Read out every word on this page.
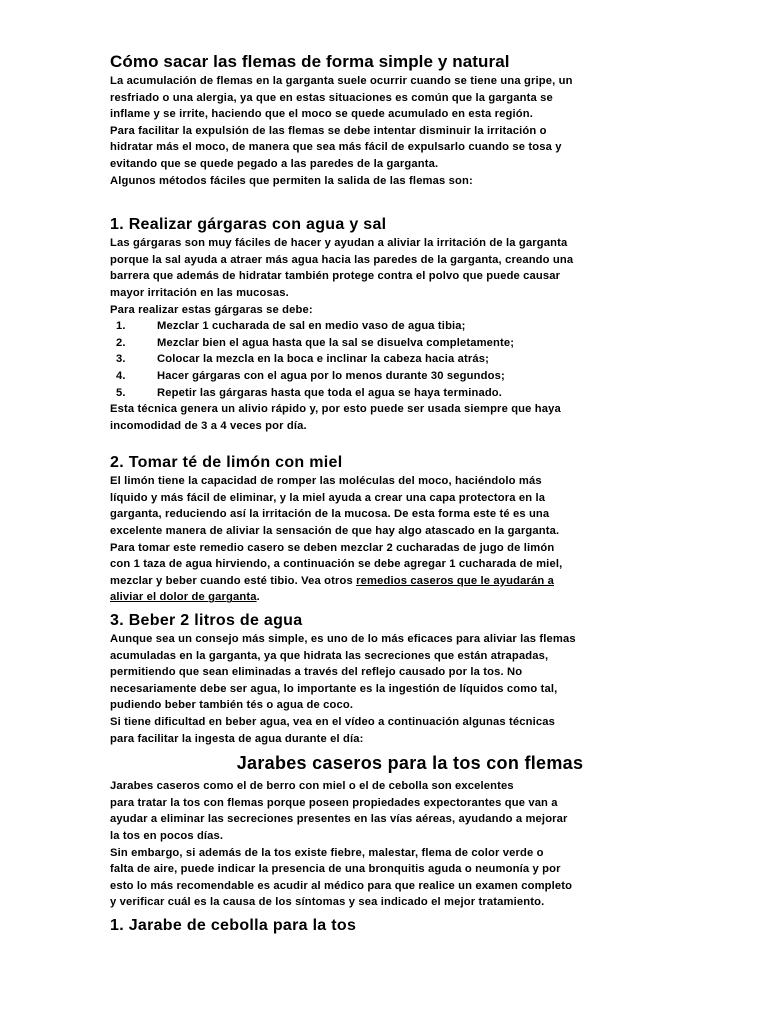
Cómo sacar las flemas de forma simple y natural

La acumulación de flemas en la garganta suele ocurrir cuando se tiene una gripe, un
resfriado o una alergia, ya que en estas situaciones es común que la garganta se
inflame y se irrite, haciendo que el moco se quede acumulado en esta región.
Para facilitar la expulsión de las flemas se debe intentar disminuir la irritación o
hidratar más el moco, de manera que sea más fácil de expulsarlo cuando se tosa y
evitando que se quede pegado a las paredes de la garganta.
Algunos métodos fáciles que permiten la salida de las flemas son:

1. Realizar gárgaras con agua y sal

Las gárgaras son muy fáciles de hacer y ayudan a aliviar la irritación de la garganta
porque la sal ayuda a atraer más agua hacia las paredes de la garganta, creando una
barrera que además de hidratar también protege contra el polvo que puede causar
mayor irritación en las mucosas.
Para realizar estas gárgaras se debe:

1.	Mezclar 1 cucharada de sal en medio vaso de agua tibia;
2.	Mezclar bien el agua hasta que la sal se disuelva completamente;
3.	Colocar la mezcla en la boca e inclinar la cabeza hacia atrás;
4.	Hacer gárgaras con el agua por lo menos durante 30 segundos;
5.	Repetir las gárgaras hasta que toda el agua se haya terminado.

Esta técnica genera un alivio rápido y, por esto puede ser usada siempre que haya
incomodidad de 3 a 4 veces por día.

2. Tomar té de limón con miel

El limón tiene la capacidad de romper las moléculas del moco, haciéndolo más
líquido y más fácil de eliminar, y la miel ayuda a crear una capa protectora en la
garganta, reduciendo así la irritación de la mucosa. De esta forma este té es una
excelente manera de aliviar la sensación de que hay algo atascado en la garganta.
Para tomar este remedio casero se deben mezclar 2 cucharadas de jugo de limón
con 1 taza de agua hirviendo, a continuación se debe agregar 1 cucharada de miel,
mezclar y beber cuando esté tibio. Vea otros remedios caseros que le ayudarán a
aliviar el dolor de garganta.

3. Beber 2 litros de agua

Aunque sea un consejo más simple, es uno de lo más eficaces para aliviar las flemas
acumuladas en la garganta, ya que hidrata las secreciones que están atrapadas,
permitiendo que sean eliminadas a través del reflejo causado por la tos. No
necesariamente debe ser agua, lo importante es la ingestión de líquidos como tal,
pudiendo beber también tés o agua de coco.
Si tiene dificultad en beber agua, vea en el vídeo a continuación algunas técnicas
para facilitar la ingesta de agua durante el día:

Jarabes caseros para la tos con flemas

Jarabes caseros como el de berro con miel o el de cebolla son excelentes
para tratar la tos con flemas porque poseen propiedades expectorantes que van a
ayudar a eliminar las secreciones presentes en las vías aéreas, ayudando a mejorar
la tos en pocos días.
Sin embargo, si además de la tos existe fiebre, malestar, flema de color verde o
falta de aire, puede indicar la presencia de una bronquitis aguda o neumonía y por
esto lo más recomendable es acudir al médico para que realice un examen completo
y verificar cuál es la causa de los síntomas y sea indicado el mejor tratamiento.

1. Jarabe de cebolla para la tos
